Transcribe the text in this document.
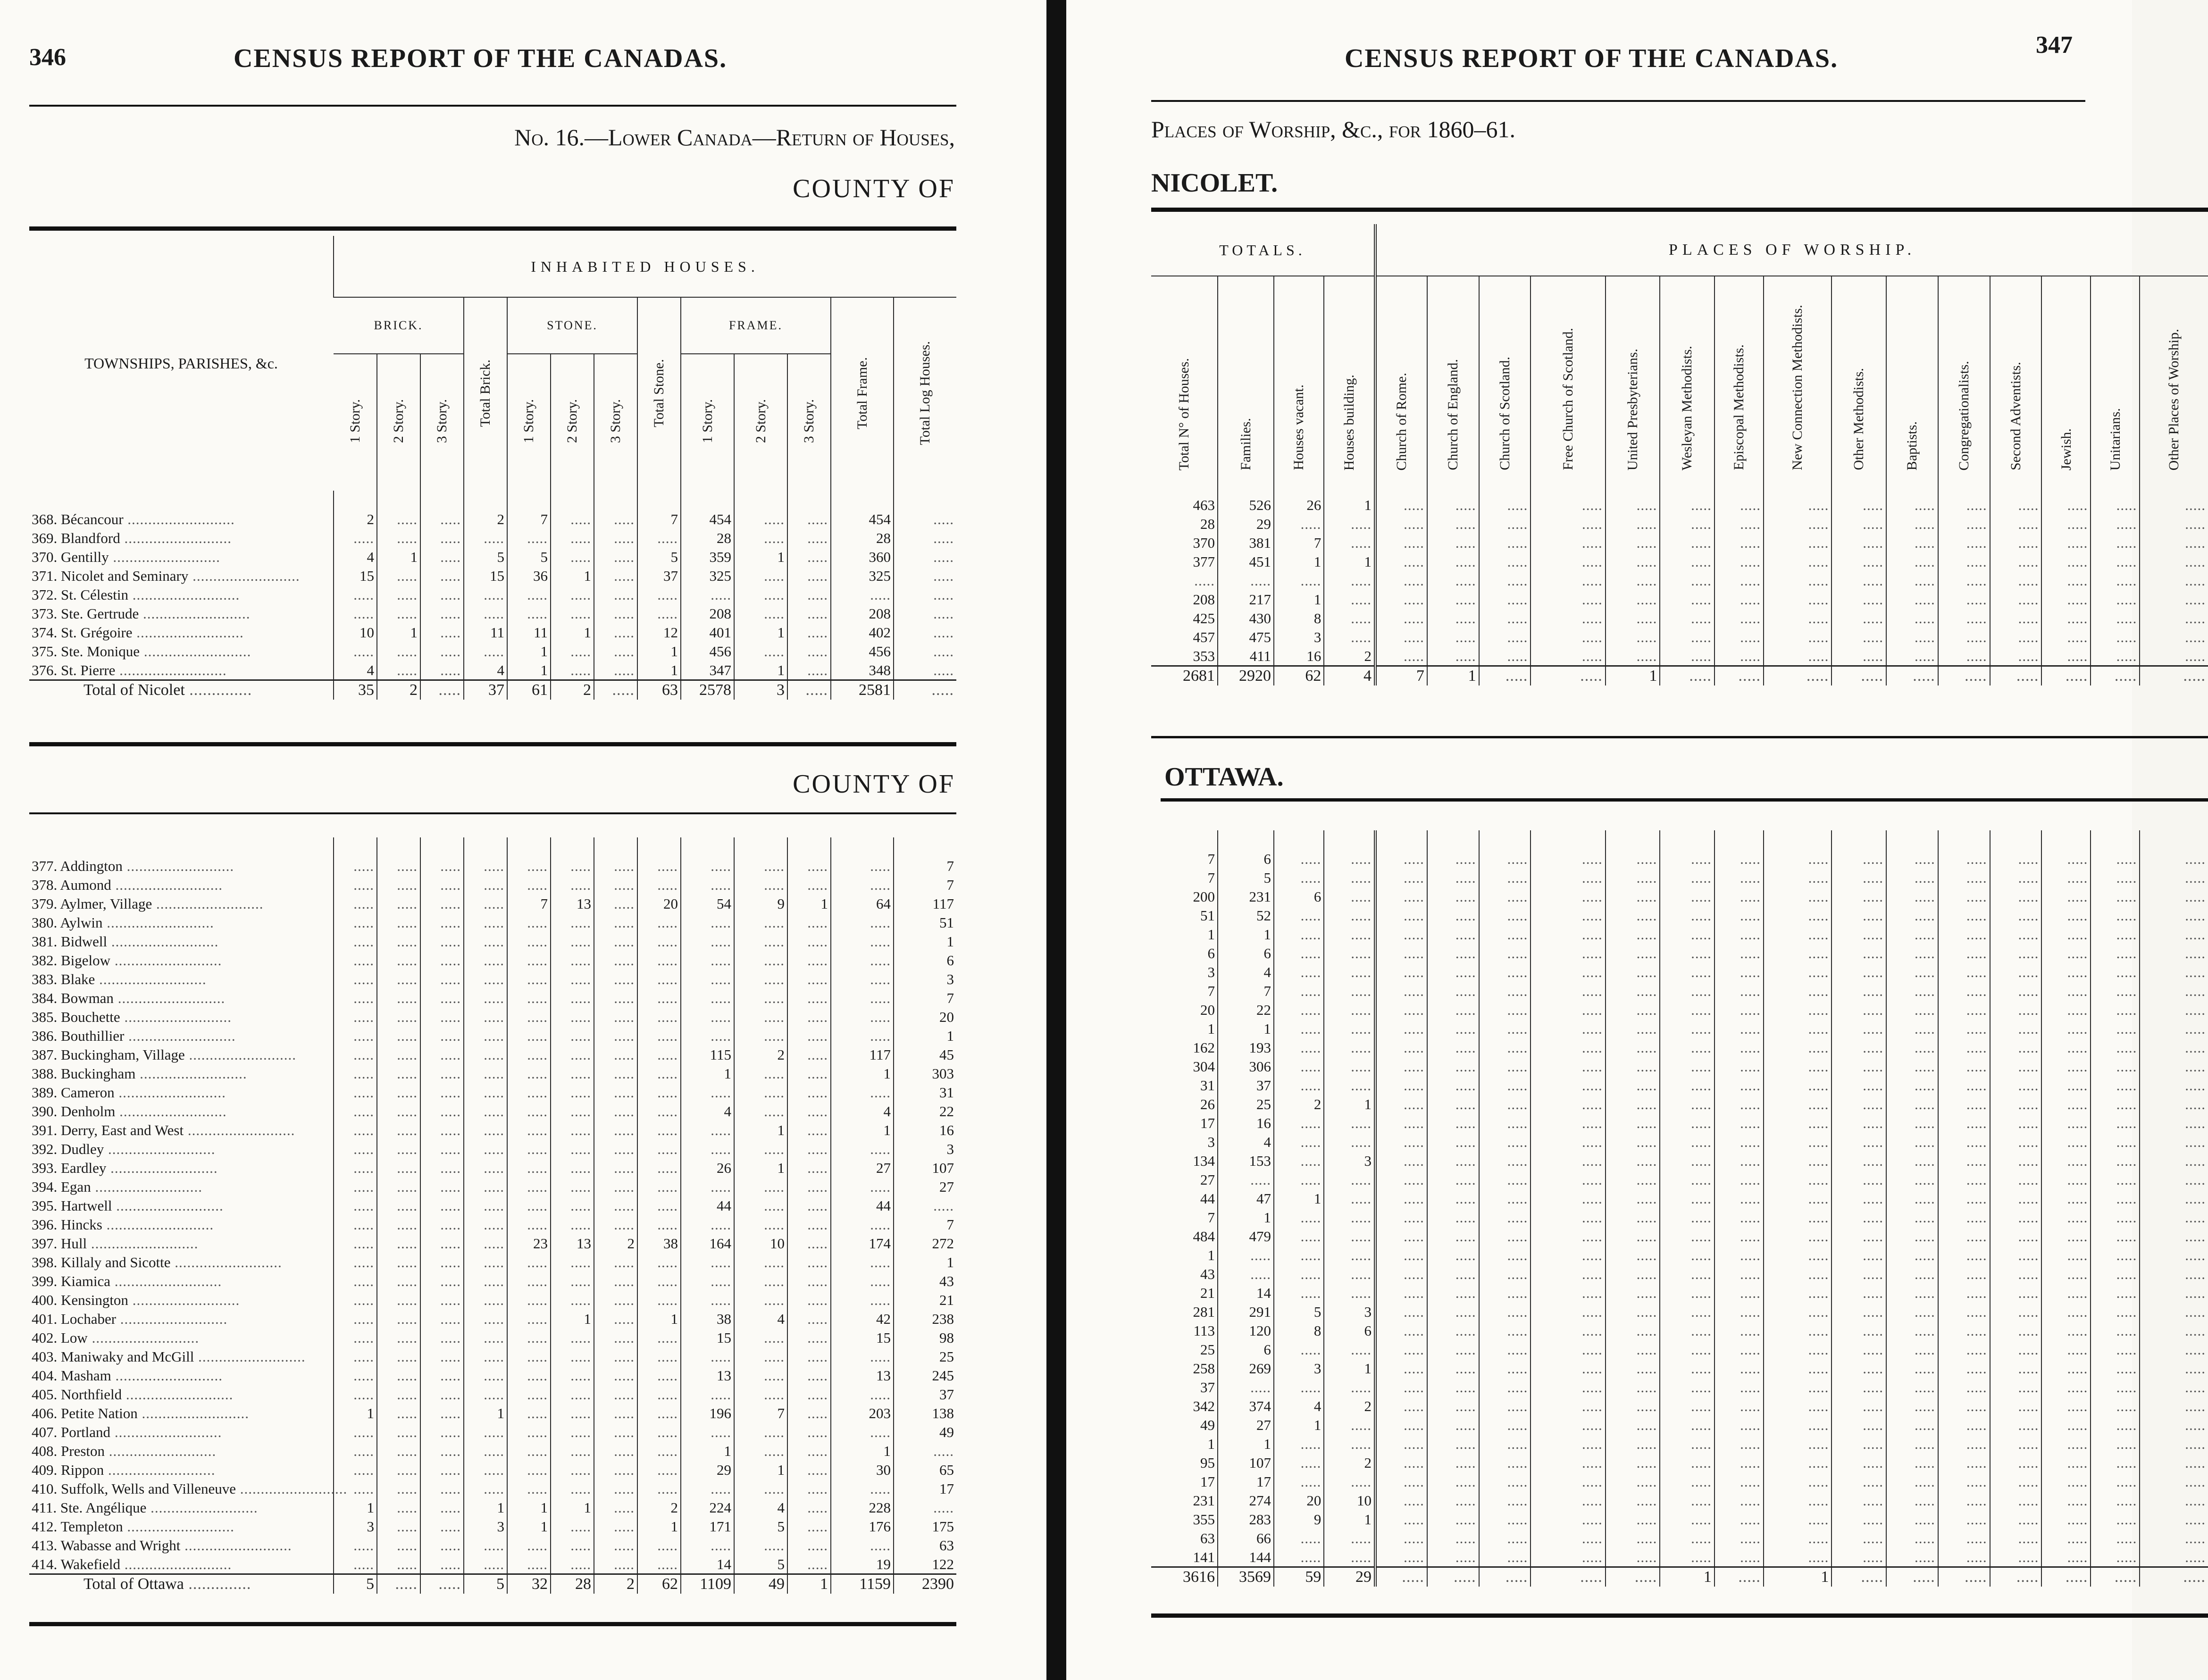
346	CENSUS REPORT OF THE CANADAS.
No. 16.—Lower Canada—Return of Houses,
COUNTY OF
TOWNSHIPS, PARISHES, &c.	INHABITED HOUSES.												
	BRICK.			Total Brick.	STONE.			Total Stone.	FRAME.			Total Frame.	Total Log Houses.
	1 Story.	2 Story.	3 Story.		1 Story.	2 Story.	3 Story.		1 Story.	2 Story.	3 Story.		

368. Bécancour ..........................	2	.....	.....	2	7	.....	.....	7	454	.....	.....	454	.....
369. Blandford ..........................	.....	.....	.....	.....	.....	.....	.....	.....	28	.....	.....	28	.....
370. Gentilly ..........................	4	1	.....	5	5	.....	.....	5	359	1	.....	360	.....
371. Nicolet and Seminary ..........................	15	.....	.....	15	36	1	.....	37	325	.....	.....	325	.....
372. St. Célestin ..........................	.....	.....	.....	.....	.....	.....	.....	.....	.....	.....	.....	.....	.....
373. Ste. Gertrude ..........................	.....	.....	.....	.....	.....	.....	.....	.....	208	.....	.....	208	.....
374. St. Grégoire ..........................	10	1	.....	11	11	1	.....	12	401	1	.....	402	.....
375. Ste. Monique ..........................	.....	.....	.....	.....	1	.....	.....	1	456	.....	.....	456	.....
376. St. Pierre ..........................	4	.....	.....	4	1	.....	.....	1	347	1	.....	348	.....
Total of Nicolet ..............	35	2	.....	37	61	2	.....	63	2578	3	.....	2581	.....
COUNTY OF

377. Addington ..........................	.....	.....	.....	.....	.....	.....	.....	.....	.....	.....	.....	.....	7
378. Aumond ..........................	.....	.....	.....	.....	.....	.....	.....	.....	.....	.....	.....	.....	7
379. Aylmer, Village ..........................	.....	.....	.....	.....	7	13	.....	20	54	9	1	64	117
380. Aylwin ..........................	.....	.....	.....	.....	.....	.....	.....	.....	.....	.....	.....	.....	51
381. Bidwell ..........................	.....	.....	.....	.....	.....	.....	.....	.....	.....	.....	.....	.....	1
382. Bigelow ..........................	.....	.....	.....	.....	.....	.....	.....	.....	.....	.....	.....	.....	6
383. Blake ..........................	.....	.....	.....	.....	.....	.....	.....	.....	.....	.....	.....	.....	3
384. Bowman ..........................	.....	.....	.....	.....	.....	.....	.....	.....	.....	.....	.....	.....	7
385. Bouchette ..........................	.....	.....	.....	.....	.....	.....	.....	.....	.....	.....	.....	.....	20
386. Bouthillier ..........................	.....	.....	.....	.....	.....	.....	.....	.....	.....	.....	.....	.....	1
387. Buckingham, Village ..........................	.....	.....	.....	.....	.....	.....	.....	.....	115	2	.....	117	45
388. Buckingham ..........................	.....	.....	.....	.....	.....	.....	.....	.....	1	.....	.....	1	303
389. Cameron ..........................	.....	.....	.....	.....	.....	.....	.....	.....	.....	.....	.....	.....	31
390. Denholm ..........................	.....	.....	.....	.....	.....	.....	.....	.....	4	.....	.....	4	22
391. Derry, East and West ..........................	.....	.....	.....	.....	.....	.....	.....	.....	.....	1	.....	1	16
392. Dudley ..........................	.....	.....	.....	.....	.....	.....	.....	.....	.....	.....	.....	.....	3
393. Eardley ..........................	.....	.....	.....	.....	.....	.....	.....	.....	26	1	.....	27	107
394. Egan ..........................	.....	.....	.....	.....	.....	.....	.....	.....	.....	.....	.....	.....	27
395. Hartwell ..........................	.....	.....	.....	.....	.....	.....	.....	.....	44	.....	.....	44	.....
396. Hincks ..........................	.....	.....	.....	.....	.....	.....	.....	.....	.....	.....	.....	.....	7
397. Hull ..........................	.....	.....	.....	.....	23	13	2	38	164	10	.....	174	272
398. Killaly and Sicotte ..........................	.....	.....	.....	.....	.....	.....	.....	.....	.....	.....	.....	.....	1
399. Kiamica ..........................	.....	.....	.....	.....	.....	.....	.....	.....	.....	.....	.....	.....	43
400. Kensington ..........................	.....	.....	.....	.....	.....	.....	.....	.....	.....	.....	.....	.....	21
401. Lochaber ..........................	.....	.....	.....	.....	.....	1	.....	1	38	4	.....	42	238
402. Low ..........................	.....	.....	.....	.....	.....	.....	.....	.....	15	.....	.....	15	98
403. Maniwaky and McGill ..........................	.....	.....	.....	.....	.....	.....	.....	.....	.....	.....	.....	.....	25
404. Masham ..........................	.....	.....	.....	.....	.....	.....	.....	.....	13	.....	.....	13	245
405. Northfield ..........................	.....	.....	.....	.....	.....	.....	.....	.....	.....	.....	.....	.....	37
406. Petite Nation ..........................	1	.....	.....	1	.....	.....	.....	.....	196	7	.....	203	138
407. Portland ..........................	.....	.....	.....	.....	.....	.....	.....	.....	.....	.....	.....	.....	49
408. Preston ..........................	.....	.....	.....	.....	.....	.....	.....	.....	1	.....	.....	1	.....
409. Rippon ..........................	.....	.....	.....	.....	.....	.....	.....	.....	29	1	.....	30	65
410. Suffolk, Wells and Villeneuve ..........................	.....	.....	.....	.....	.....	.....	.....	.....	.....	.....	.....	.....	17
411. Ste. Angélique ..........................	1	.....	.....	1	1	1	.....	2	224	4	.....	228	.....
412. Templeton ..........................	3	.....	.....	3	1	.....	.....	1	171	5	.....	176	175
413. Wabasse and Wright ..........................	.....	.....	.....	.....	.....	.....	.....	.....	.....	.....	.....	.....	63
414. Wakefield ..........................	.....	.....	.....	.....	.....	.....	.....	.....	14	5	.....	19	122
Total of Ottawa ..............	5	.....	.....	5	32	28	2	62	1109	49	1	1159	2390
CENSUS REPORT OF THE CANADAS.	347
Places of Worship, &c., for 1860–61.
NICOLET.
TOTALS.				PLACES OF WORSHIP.														
Total N° of Houses.	Families.	Houses vacant.	Houses building.	Church of Rome.	Church of England.	Church of Scotland.	Free Church of Scotland.	United Presbyterians.	Wesleyan Methodists.	Episcopal Methodists.	New Connection Methodists.	Other Methodists.	Baptists.	Congregationalists.	Second Adventists.	Jewish.	Unitarians.	Other Places of Worship.

463	526	26	1	.....	.....	.....	.....	.....	.....	.....	.....	.....	.....	.....	.....	.....	.....	.....
28	29	.....	.....	.....	.....	.....	.....	.....	.....	.....	.....	.....	.....	.....	.....	.....	.....	.....
370	381	7	.....	.....	.....	.....	.....	.....	.....	.....	.....	.....	.....	.....	.....	.....	.....	.....
377	451	1	1	.....	.....	.....	.....	.....	.....	.....	.....	.....	.....	.....	.....	.....	.....	.....
.....	.....	.....	.....	.....	.....	.....	.....	.....	.....	.....	.....	.....	.....	.....	.....	.....	.....	.....
208	217	1	.....	.....	.....	.....	.....	.....	.....	.....	.....	.....	.....	.....	.....	.....	.....	.....
425	430	8	.....	.....	.....	.....	.....	.....	.....	.....	.....	.....	.....	.....	.....	.....	.....	.....
457	475	3	.....	.....	.....	.....	.....	.....	.....	.....	.....	.....	.....	.....	.....	.....	.....	.....
353	411	16	2	.....	.....	.....	.....	.....	.....	.....	.....	.....	.....	.....	.....	.....	.....	.....
2681	2920	62	4	7	1	.....	.....	1	.....	.....	.....	.....	.....	.....	.....	.....	.....	.....
OTTAWA.

7	6	.....	.....	.....	.....	.....	.....	.....	.....	.....	.....	.....	.....	.....	.....	.....	.....	.....
7	5	.....	.....	.....	.....	.....	.....	.....	.....	.....	.....	.....	.....	.....	.....	.....	.....	.....
200	231	6	.....	.....	.....	.....	.....	.....	.....	.....	.....	.....	.....	.....	.....	.....	.....	.....
51	52	.....	.....	.....	.....	.....	.....	.....	.....	.....	.....	.....	.....	.....	.....	.....	.....	.....
1	1	.....	.....	.....	.....	.....	.....	.....	.....	.....	.....	.....	.....	.....	.....	.....	.....	.....
6	6	.....	.....	.....	.....	.....	.....	.....	.....	.....	.....	.....	.....	.....	.....	.....	.....	.....
3	4	.....	.....	.....	.....	.....	.....	.....	.....	.....	.....	.....	.....	.....	.....	.....	.....	.....
7	7	.....	.....	.....	.....	.....	.....	.....	.....	.....	.....	.....	.....	.....	.....	.....	.....	.....
20	22	.....	.....	.....	.....	.....	.....	.....	.....	.....	.....	.....	.....	.....	.....	.....	.....	.....
1	1	.....	.....	.....	.....	.....	.....	.....	.....	.....	.....	.....	.....	.....	.....	.....	.....	.....
162	193	.....	.....	.....	.....	.....	.....	.....	.....	.....	.....	.....	.....	.....	.....	.....	.....	.....
304	306	.....	.....	.....	.....	.....	.....	.....	.....	.....	.....	.....	.....	.....	.....	.....	.....	.....
31	37	.....	.....	.....	.....	.....	.....	.....	.....	.....	.....	.....	.....	.....	.....	.....	.....	.....
26	25	2	1	.....	.....	.....	.....	.....	.....	.....	.....	.....	.....	.....	.....	.....	.....	.....
17	16	.....	.....	.....	.....	.....	.....	.....	.....	.....	.....	.....	.....	.....	.....	.....	.....	.....
3	4	.....	.....	.....	.....	.....	.....	.....	.....	.....	.....	.....	.....	.....	.....	.....	.....	.....
134	153	.....	3	.....	.....	.....	.....	.....	.....	.....	.....	.....	.....	.....	.....	.....	.....	.....
27	.....	.....	.....	.....	.....	.....	.....	.....	.....	.....	.....	.....	.....	.....	.....	.....	.....	.....
44	47	1	.....	.....	.....	.....	.....	.....	.....	.....	.....	.....	.....	.....	.....	.....	.....	.....
7	1	.....	.....	.....	.....	.....	.....	.....	.....	.....	.....	.....	.....	.....	.....	.....	.....	.....
484	479	.....	.....	.....	.....	.....	.....	.....	.....	.....	.....	.....	.....	.....	.....	.....	.....	.....
1	.....	.....	.....	.....	.....	.....	.....	.....	.....	.....	.....	.....	.....	.....	.....	.....	.....	.....
43	.....	.....	.....	.....	.....	.....	.....	.....	.....	.....	.....	.....	.....	.....	.....	.....	.....	.....
21	14	.....	.....	.....	.....	.....	.....	.....	.....	.....	.....	.....	.....	.....	.....	.....	.....	.....
281	291	5	3	.....	.....	.....	.....	.....	.....	.....	.....	.....	.....	.....	.....	.....	.....	.....
113	120	8	6	.....	.....	.....	.....	.....	.....	.....	.....	.....	.....	.....	.....	.....	.....	.....
25	6	.....	.....	.....	.....	.....	.....	.....	.....	.....	.....	.....	.....	.....	.....	.....	.....	.....
258	269	3	1	.....	.....	.....	.....	.....	.....	.....	.....	.....	.....	.....	.....	.....	.....	.....
37	.....	.....	.....	.....	.....	.....	.....	.....	.....	.....	.....	.....	.....	.....	.....	.....	.....	.....
342	374	4	2	.....	.....	.....	.....	.....	.....	.....	.....	.....	.....	.....	.....	.....	.....	.....
49	27	1	.....	.....	.....	.....	.....	.....	.....	.....	.....	.....	.....	.....	.....	.....	.....	.....
1	1	.....	.....	.....	.....	.....	.....	.....	.....	.....	.....	.....	.....	.....	.....	.....	.....	.....
95	107	.....	2	.....	.....	.....	.....	.....	.....	.....	.....	.....	.....	.....	.....	.....	.....	.....
17	17	.....	.....	.....	.....	.....	.....	.....	.....	.....	.....	.....	.....	.....	.....	.....	.....	.....
231	274	20	10	.....	.....	.....	.....	.....	.....	.....	.....	.....	.....	.....	.....	.....	.....	.....
355	283	9	1	.....	.....	.....	.....	.....	.....	.....	.....	.....	.....	.....	.....	.....	.....	.....
63	66	.....	.....	.....	.....	.....	.....	.....	.....	.....	.....	.....	.....	.....	.....	.....	.....	.....
141	144	.....	.....	.....	.....	.....	.....	.....	.....	.....	.....	.....	.....	.....	.....	.....	.....	.....
3616	3569	59	29	.....	.....	.....	.....	.....	1	.....	1	.....	.....	.....	.....	.....	.....	.....
